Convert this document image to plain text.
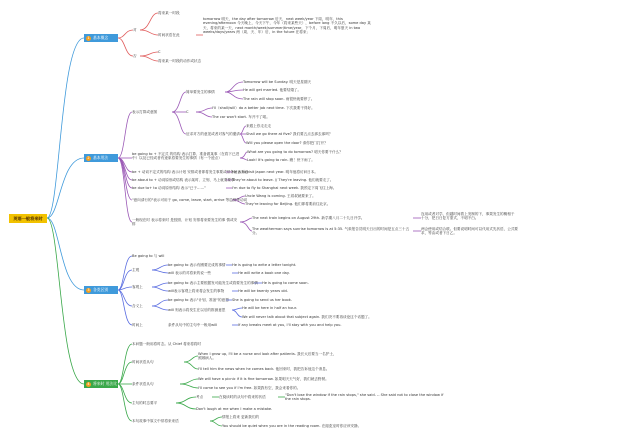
英语一般将来时
1 基本概念
2 基本用法
3 各类区别
4 将来时 用法比较
对
否
将来某一时段
时间状语在此
tomorrow 明天，the day after tomorrow 后天，next week/year 下周，明年，this evening/afternoon 今天晚上，今天下午，今年（将来某些天），before long 不久以后，some day 某天，将来的某一天，next month/week/summer/time/year，下个月，下周后，明年夏天 in two weeks/days/years 两（周、天、年）后，in the future 在将来；
C
将来某一时段的动作或状态
表示打算或意图
简单要发生的事情
Tomorrow will be Sunday. 明天是星期天
He will get married. 他要结婚了。
The rain will stop soon. 雨很快就要停了。
C
I'll（shall/will）do a better job next time. 下次我要干得好。
The car won't start. 车开不了啦。
征求对方的意见或者对客气的邀请
来跟上你走走走
Shall we go there at five? 我们要五点去那去那吗？
Will you please open the door? 请你把门打开？
be going to + 不定式 的结构 表示打算、准备做某事（在将下已进中）以及已经或者有迹象将要发生的事情（有一个迹点）
What are you going to do tomorrow? 明天你要干什么？
Look! It's going to rain. 瞧！快下雨了。
be + 动词不定式的结构 表示计划 安排或者即将发生事要或常务还去需意
He is to visit Japan next year. 明年他将访问日本。
be about to + 动词原形或结构 表示某时、立刻、马上就要要事
They're about to leave. // They're leaving. 他们就要走了。
be due to+ to 动词原形结构 表示“已于……”	I'm due to fly to Shanghai next week. 我预定下周飞往上海。
"意向请行的"表示可用于 go, come, leave, start, arrive 等趋势等动词
Uncle Wang is coming. 王叔叔就要来了。
They're leaving for Beijing. 他们即将要前往北京。
一般现在时 表示将来时 是按照、计划 安排将来要发生的事 情或安排
The next train begins on August 29th. 新学期八月二十九日开学。
The weatherman says sunrise tomorrow is at 5:35. 气象报告员明天日出的时间是五点三十五分。
连用或者对学，但越时间着上发制的下，事果发生的概相于十分，把日日复方需式，不明不白。
两会使用或结合联。但要说明时间可以代用式先状语，公式要求，等由或者下日乙。
Be going to 与 will
主观
be going to 表示有圈要完成的事情 He is going to write a letter tonight.
will 表示的对将来的说一些	He will write a book one day.
客观上
be going to 表示主要根据发可能发生或将要发生的事情 He is going to come soon.
will表示客观上将来将会发生的事物	He will be twenty years old.
含义上
be going to 表示"计划、准备"的意思 She is going to send us her book.
will 则表示将发生在以后的推测意思	He will be here in half an hour.
We will never talk about that subject again. 我们决不要再谈论这个话题了。
时间上	条件从句中的主句中一般用will	If any breaks meet at you, I'll stay with you and help you.
本问题一般用将时态。从 Chief 将来将将时
时间状语从句
When I grow up, I'll be a nurse and look after patients. 我长大后要当一名护士，照顾病人。
I'll tell him the news when he comes back. 他回来时，我把告诉他这个消息。
条件状语从句
We will have a picnic if it is fine tomorrow. 如果明天天气好，我们就去野餐。
I'll come to see you if I'm free. 如果我有空，我会来看你的。
主句的时态要平
考点	在阅读时的从句中将来的状语	"Don't lose the window if the rain stops," she said. -- She said not to close the window if the rain stops.
Don't laugh at me when I make a mistake.
本句故事中原文中常将来来语
情报上将来 更新我们的
You should be quiet when you are in the reading room. 在阅览室时你应该安静。
